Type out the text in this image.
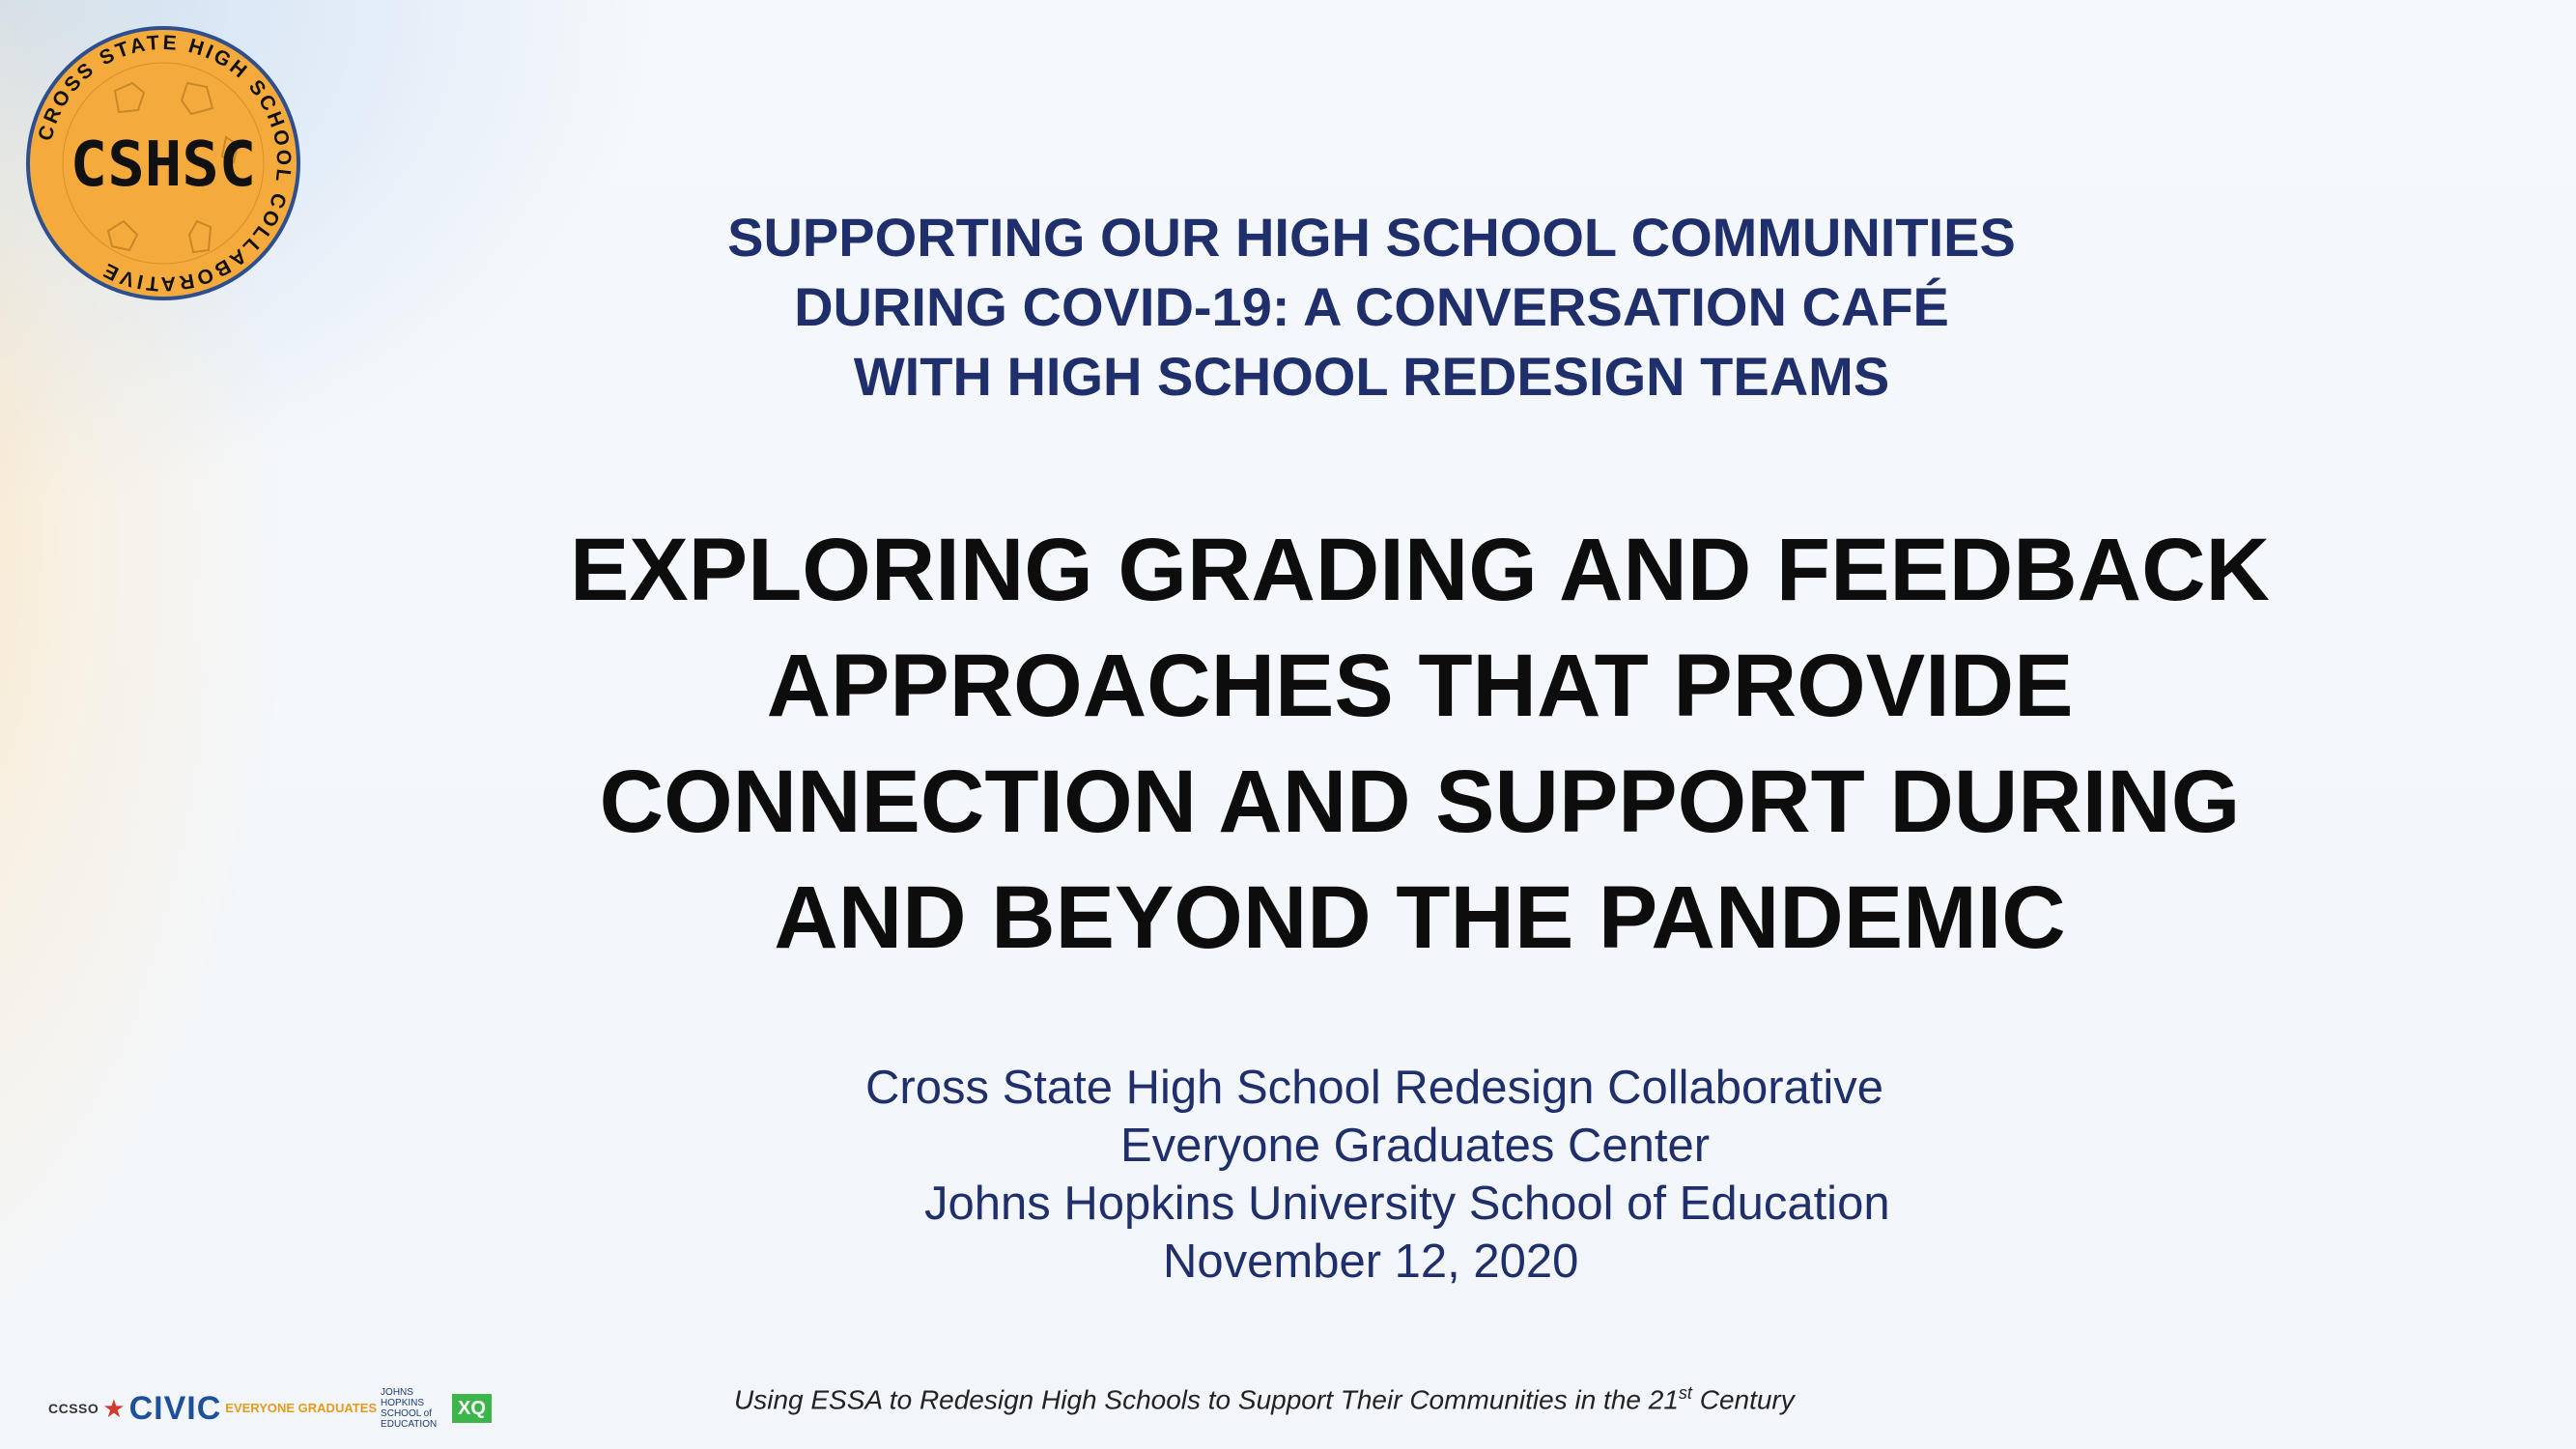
CROSS STATE HIGH SCHOOL COLLABORATIVE
CSHSC
SUPPORTING OUR HIGH SCHOOL COMMUNITIES
DURING COVID-19: A CONVERSATION CAFÉ
WITH HIGH SCHOOL REDESIGN TEAMS
EXPLORING GRADING AND FEEDBACK
APPROACHES THAT PROVIDE
CONNECTION AND SUPPORT DURING
AND BEYOND THE PANDEMIC
Cross State High School Redesign Collaborative
Everyone Graduates Center
Johns Hopkins University School of Education
November 12, 2020
CCSSO ★ CIVIC EVERYONE GRADUATES
JOHNS HOPKINS SCHOOL of EDUCATION
XQ	Using ESSA to Redesign High Schools to Support Their Communities in the 21st Century
